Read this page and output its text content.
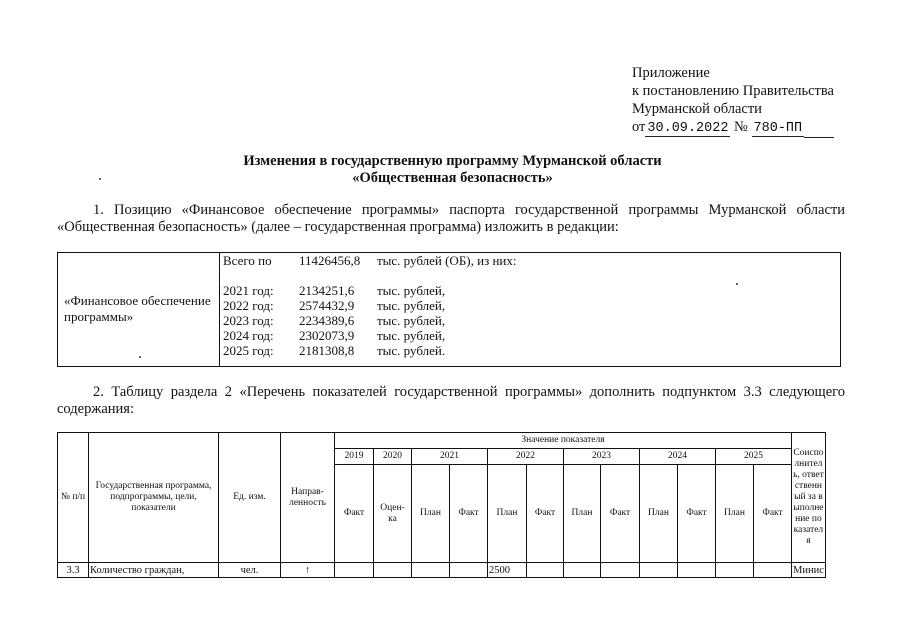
Приложение
к постановлению Правительства
Мурманской области
от 30.09.2022 № 780-ПП
Изменения в государственную программу Мурманской области
«Общественная безопасность»
1. Позицию «Финансовое обеспечение программы» паспорта государственной программы Мурманской области «Общественная безопасность» (далее – государственная программа) изложить в редакции:
«Финансовое обеспечение программы»
Всего по 11426456,8 тыс. рублей (ОБ), из них:
2021 год: 2134251,6 тыс. рублей,
2022 год: 2574432,9 тыс. рублей,
2023 год: 2234389,6 тыс. рублей,
2024 год: 2302073,9 тыс. рублей,
2025 год: 2181308,8 тыс. рублей.
2. Таблицу раздела 2 «Перечень показателей государственной программы» дополнить подпунктом 3.3 следующего содержания:
№ п/п	Государственная программа, подпрограммы, цели, показатели	Ед. изм.	Направ- ленность	Значение показателя												Соисполнитель, ответственный за выполнение показателя
				2019	2020	2021		2022		2023		2024		2025		
				Факт	Оцен- ка	План	Факт	План	Факт	План	Факт	План	Факт	План	Факт	
3.3	Количество граждан,	чел.	↑					2500								Минис
